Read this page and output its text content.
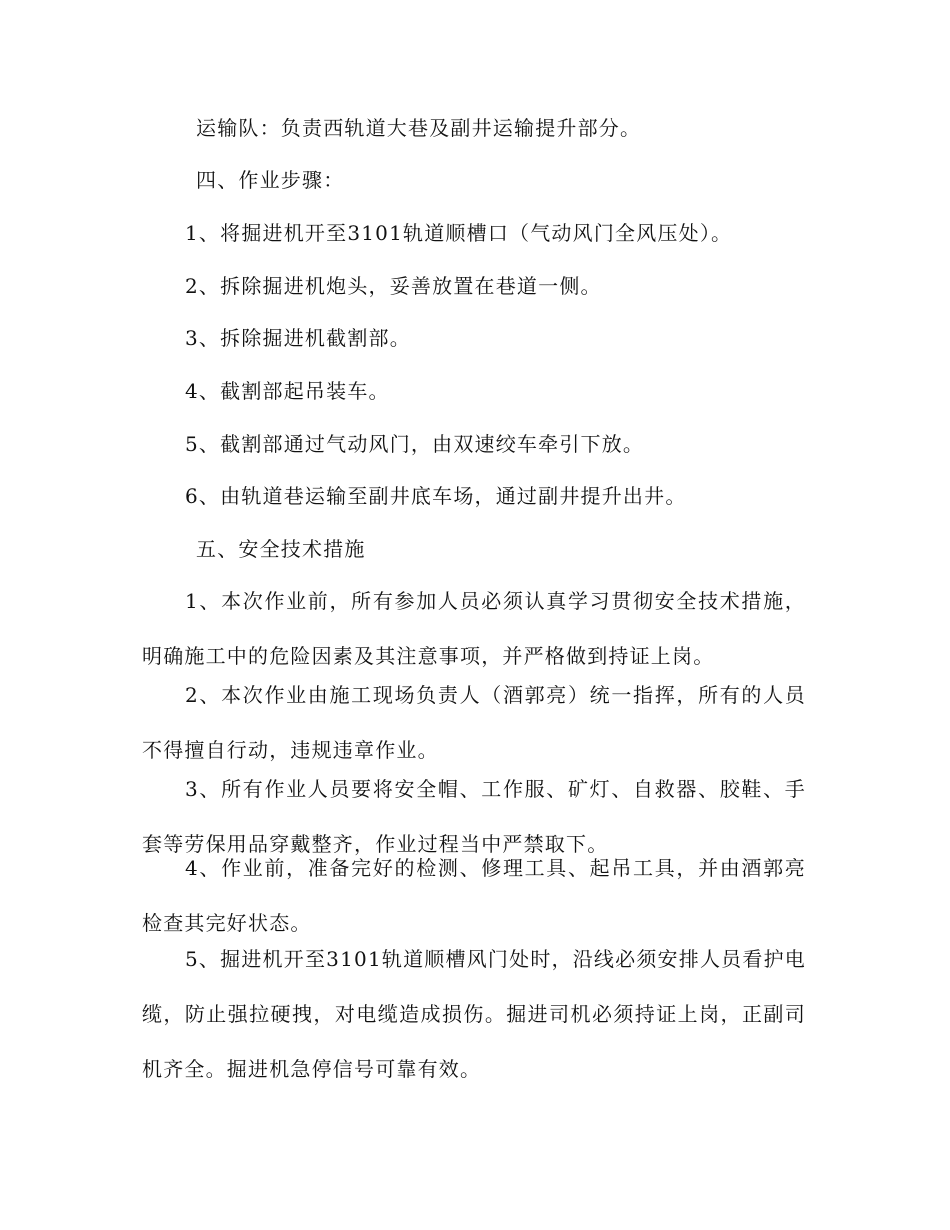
运输队：负责西轨道大巷及副井运输提升部分。
四、作业步骤：
1、将掘进机开至3101轨道顺槽口（气动风门全风压处）。
2、拆除掘进机炮头，妥善放置在巷道一侧。
3、拆除掘进机截割部。
4、截割部起吊装车。
5、截割部通过气动风门，由双速绞车牵引下放。
6、由轨道巷运输至副井底车场，通过副井提升出井。
五、安全技术措施

1、本次作业前，所有参加人员必须认真学习贯彻安全技术措施，明确施工中的危险因素及其注意事项，并严格做到持证上岗。

2、本次作业由施工现场负责人（酒郭亮）统一指挥，所有的人员不得擅自行动，违规违章作业。

3、所有作业人员要将安全帽、工作服、矿灯、自救器、胶鞋、手套等劳保用品穿戴整齐，作业过程当中严禁取下。

4、作业前，准备完好的检测、修理工具、起吊工具，并由酒郭亮检查其完好状态。

5、掘进机开至3101轨道顺槽风门处时，沿线必须安排人员看护电缆，防止强拉硬拽，对电缆造成损伤。掘进司机必须持证上岗，正副司机齐全。掘进机急停信号可靠有效。
